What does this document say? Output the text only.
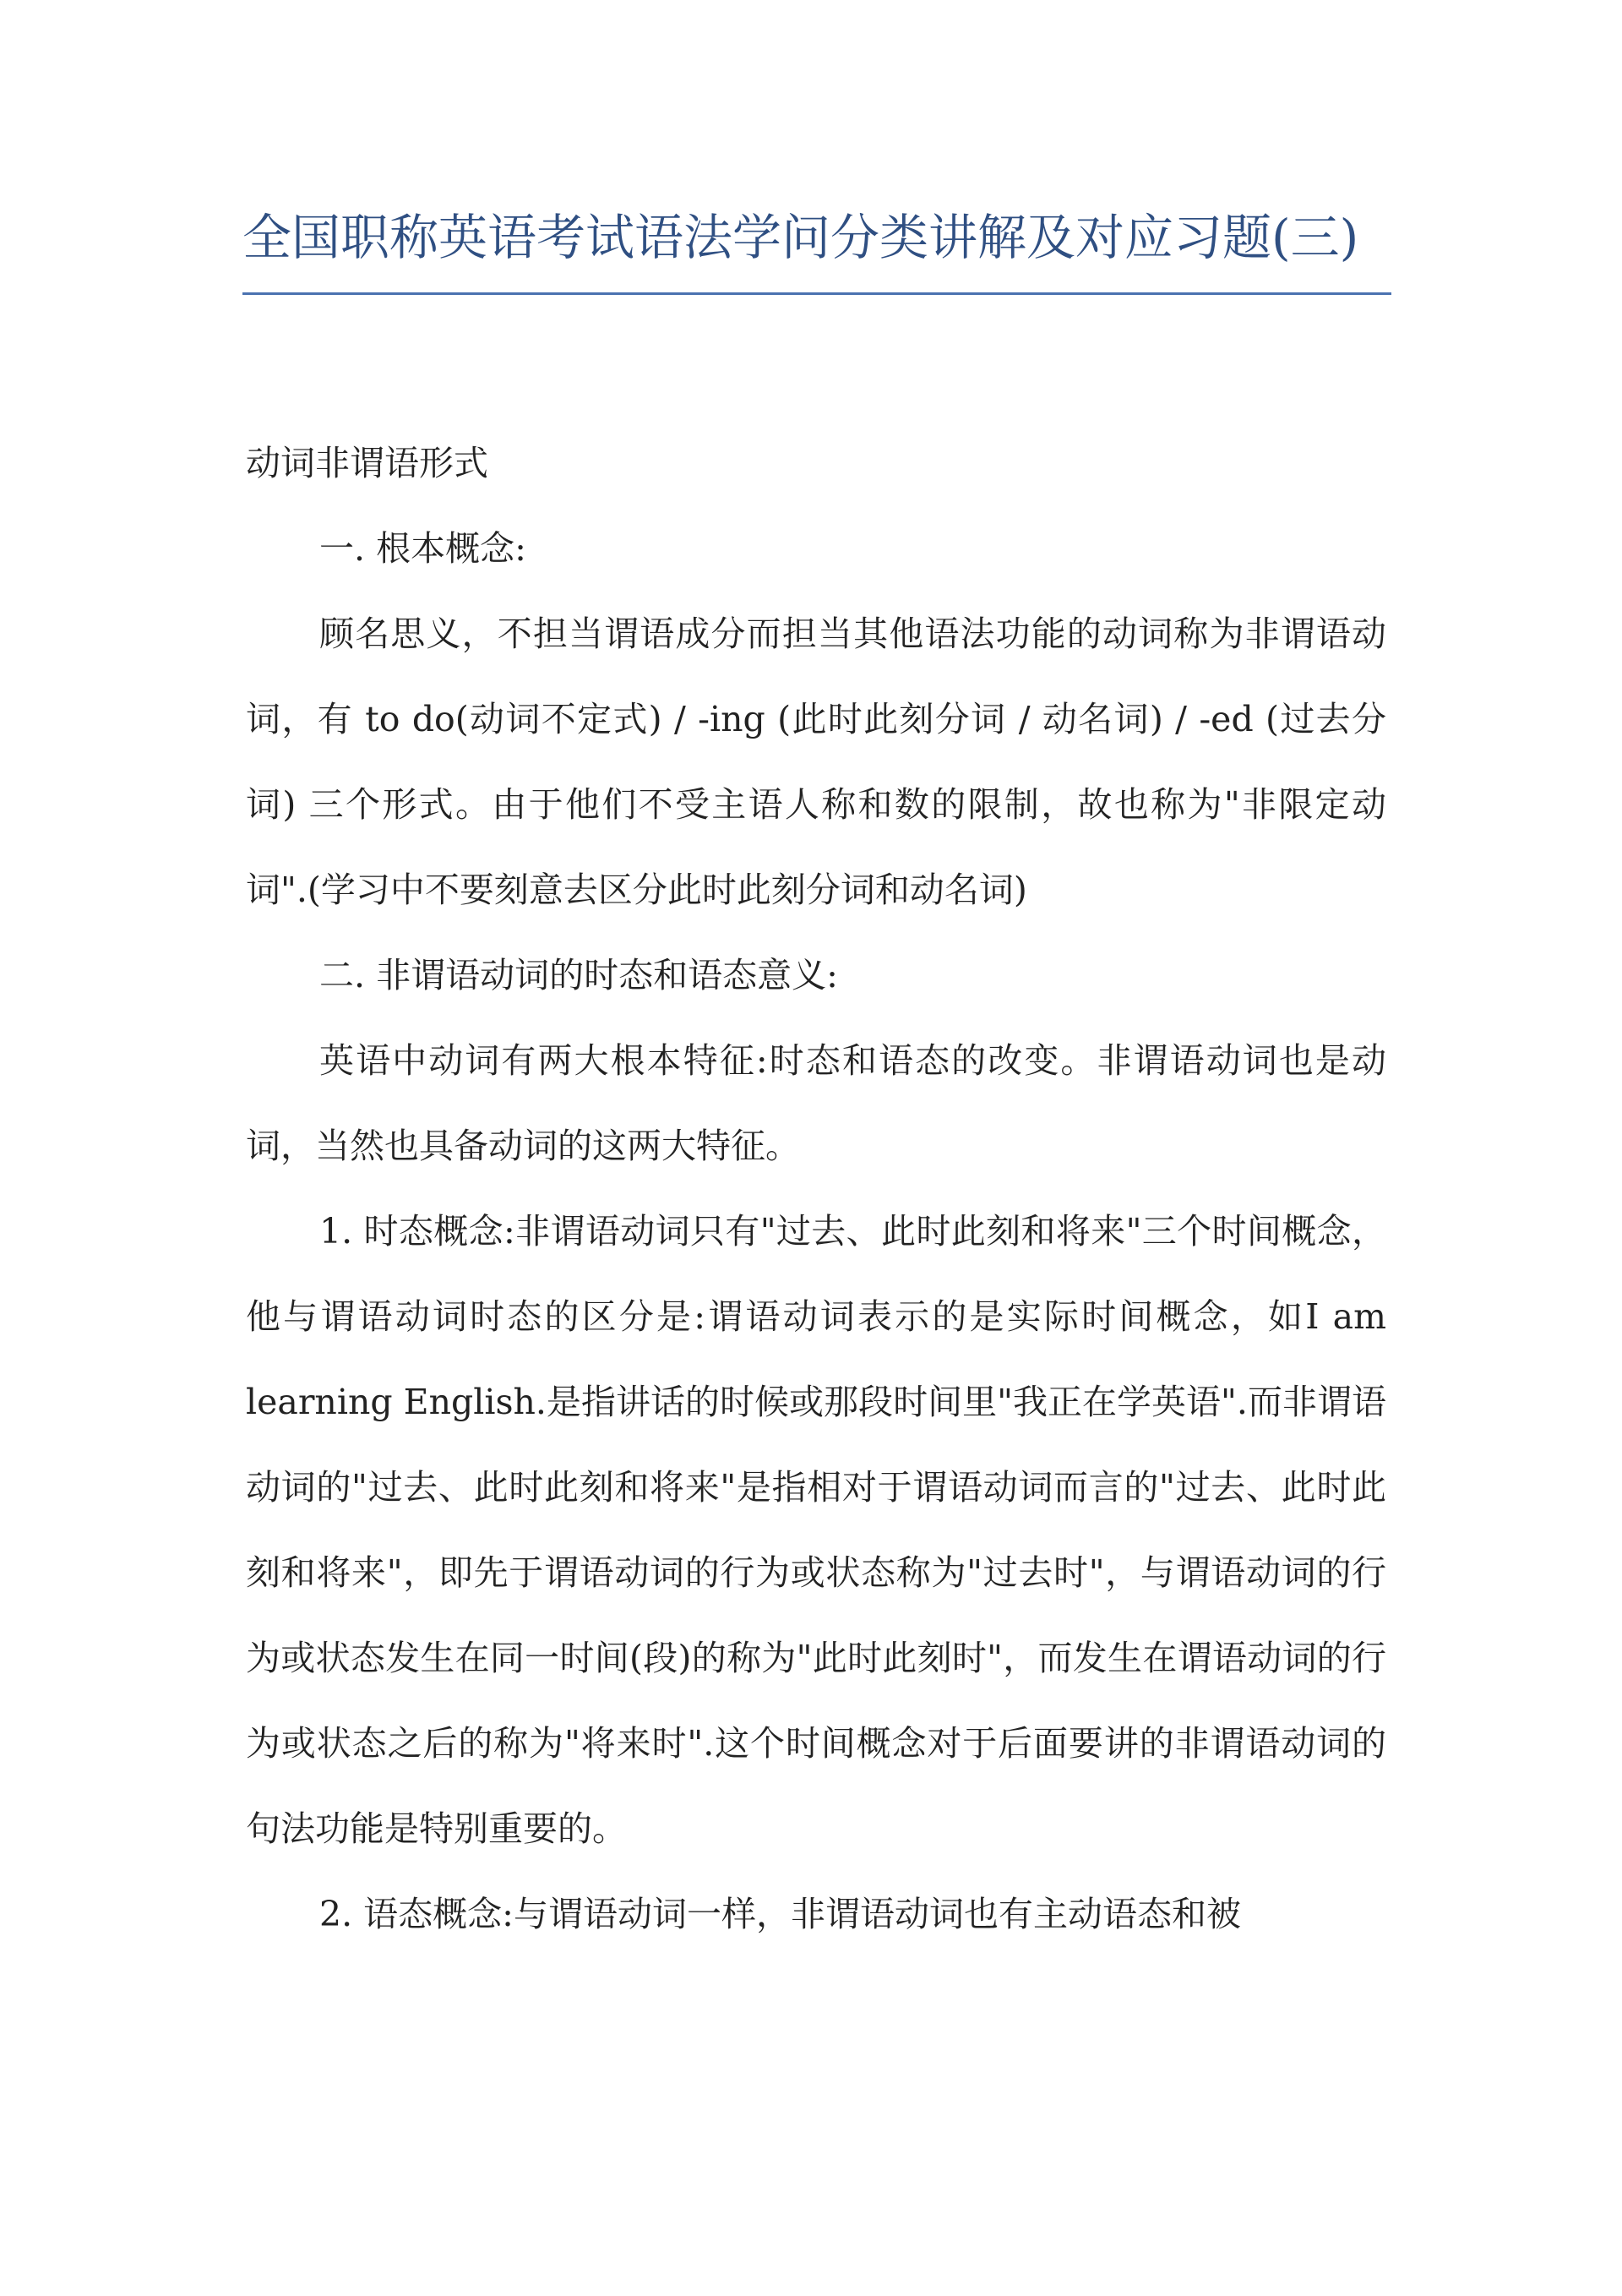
全国职称英语考试语法学问分类讲解及对应习题(三)

动词非谓语形式

一. 根本概念:

顾名思义，不担当谓语成分而担当其他语法功能的动词称为非谓语动词，有 to do(动词不定式) / -ing (此时此刻分词 / 动名词) / -ed (过去分词) 三个形式。由于他们不受主语人称和数的限制，故也称为"非限定动词".(学习中不要刻意去区分此时此刻分词和动名词)

二. 非谓语动词的时态和语态意义:

英语中动词有两大根本特征:时态和语态的改变。非谓语动词也是动词，当然也具备动词的这两大特征。

1. 时态概念:非谓语动词只有"过去、此时此刻和将来"三个时间概念，他与谓语动词时态的区分是:谓语动词表示的是实际时间概念，如I am learning English.是指讲话的时候或那段时间里"我正在学英语".而非谓语动词的"过去、此时此刻和将来"是指相对于谓语动词而言的"过去、此时此刻和将来"，即先于谓语动词的行为或状态称为"过去时"，与谓语动词的行为或状态发生在同一时间(段)的称为"此时此刻时"，而发生在谓语动词的行为或状态之后的称为"将来时".这个时间概念对于后面要讲的非谓语动词的句法功能是特别重要的。

2. 语态概念:与谓语动词一样，非谓语动词也有主动语态和被
